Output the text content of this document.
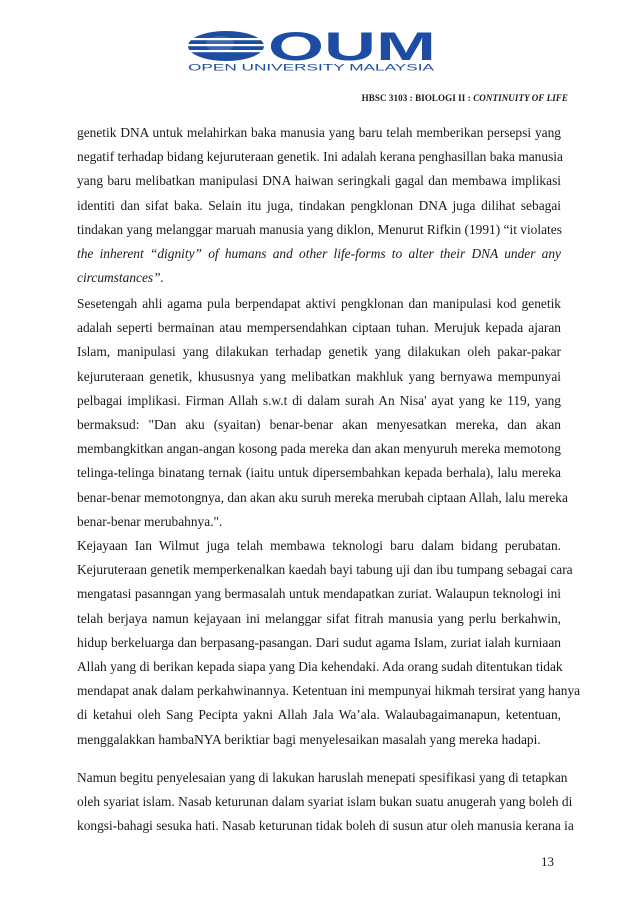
OUM
OPEN UNIVERSITY MALAYSIA
HBSC 3103 : BIOLOGI II : CONTINUITY OF LIFE
genetik DNA untuk melahirkan baka manusia yang baru telah memberikan persepsi yang
negatif terhadap bidang kejuruteraan genetik. Ini adalah kerana penghasillan baka manusia
yang baru melibatkan manipulasi DNA haiwan seringkali gagal dan membawa implikasi
identiti dan sifat baka. Selain itu juga, tindakan pengklonan DNA juga dilihat sebagai
tindakan yang melanggar maruah manusia yang diklon, Menurut Rifkin (1991) “it violates
the inherent “dignity” of humans and other life-forms to alter their DNA under any
circumstances”.
Sesetengah ahli agama pula berpendapat aktivi pengklonan dan manipulasi kod genetik
adalah seperti bermainan atau mempersendahkan ciptaan tuhan. Merujuk kepada ajaran
Islam, manipulasi yang dilakukan terhadap genetik yang dilakukan oleh pakar-pakar
kejuruteraan genetik, khususnya yang melibatkan makhluk yang bernyawa mempunyai
pelbagai implikasi. Firman Allah s.w.t di dalam surah An Nisa' ayat yang ke 119, yang
bermaksud: "Dan aku (syaitan) benar-benar akan menyesatkan mereka, dan akan
membangkitkan angan-angan kosong pada mereka dan akan menyuruh mereka memotong
telinga-telinga binatang ternak (iaitu untuk dipersembahkan kepada berhala), lalu mereka
benar-benar memotongnya, dan akan aku suruh mereka merubah ciptaan Allah, lalu mereka
benar-benar merubahnya.".
Kejayaan Ian Wilmut juga telah membawa teknologi baru dalam bidang perubatan.
Kejuruteraan genetik memperkenalkan kaedah bayi tabung uji dan ibu tumpang sebagai cara
mengatasi pasanngan yang bermasalah untuk mendapatkan zuriat. Walaupun teknologi ini
telah berjaya namun kejayaan ini melanggar sifat fitrah manusia yang perlu berkahwin,
hidup berkeluarga dan berpasang-pasangan. Dari sudut agama Islam, zuriat ialah kurniaan
Allah yang di berikan kepada siapa yang Dia kehendaki. Ada orang sudah ditentukan tidak
mendapat anak dalam perkahwinannya. Ketentuan ini mempunyai hikmah tersirat yang hanya
di ketahui oleh Sang Pecipta yakni Allah Jala Wa’ala. Walaubagaimanapun, ketentuan,
menggalakkan hambaNYA beriktiar bagi menyelesaikan masalah yang mereka hadapi.
Namun begitu penyelesaian yang di lakukan haruslah menepati spesifikasi yang di tetapkan
oleh syariat islam. Nasab keturunan dalam syariat islam bukan suatu anugerah yang boleh di
kongsi-bahagi sesuka hati. Nasab keturunan tidak boleh di susun atur oleh manusia kerana ia
13
